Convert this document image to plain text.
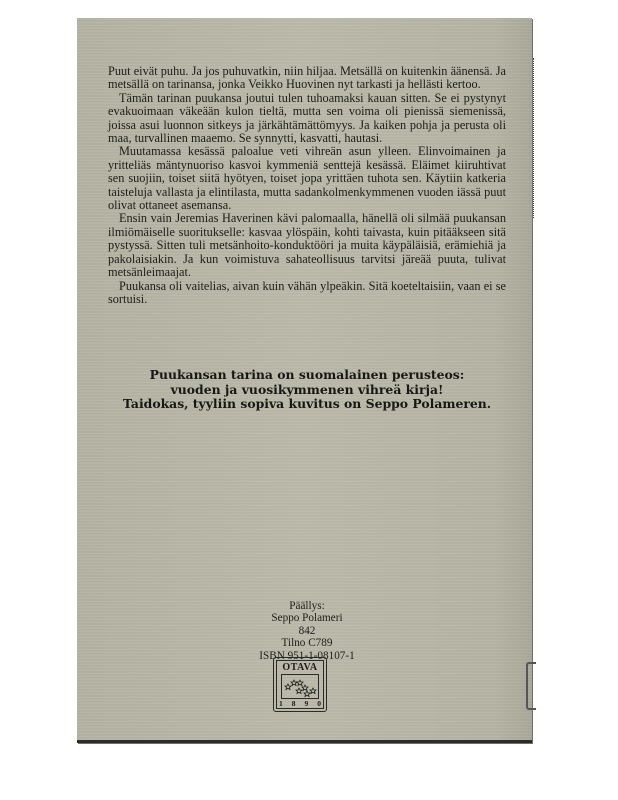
Puut eivät puhu. Ja jos puhuvatkin, niin hiljaa. Metsällä on kuitenkin äänensä. Ja metsällä on tarinansa, jonka Veikko Huovinen nyt tarkasti ja hellästi kertoo.

Tämän tarinan puukansa joutui tulen tuhoamaksi kauan sitten. Se ei pystynyt evakuoimaan väkeään kulon tieltä, mutta sen voima oli pienissä siemenissä, joissa asui luonnon sitkeys ja järkähtämättömyys. Ja kaiken pohja ja perusta oli maa, turvallinen maaemo. Se synnytti, kasvatti, hautasi.

Muutamassa kesässä paloalue veti vihreän asun ylleen. Elinvoimainen ja yritteliäs mäntynuoriso kasvoi kymmeniä senttejä kesässä. Eläimet kiiruhtivat sen suojiin, toiset siitä hyötyen, toiset jopa yrittäen tuhota sen. Käytiin katkeria taisteluja vallasta ja elintilasta, mutta sadankolmenkymmenen vuoden iässä puut olivat ottaneet asemansa.

Ensin vain Jeremias Haverinen kävi palomaalla, hänellä oli silmää puukansan ilmiömäiselle suoritukselle: kasvaa ylöspäin, kohti taivasta, kuin pitääkseen sitä pystyssä. Sitten tuli metsänhoito-konduktööri ja muita käypäläisiä, erämiehiä ja pakolaisiakin. Ja kun voimistuva sahateollisuus tarvitsi järeää puuta, tulivat metsänleimaajat.

Puukansa oli vaitelias, aivan kuin vähän ylpeäkin. Sitä koeteltaisiin, vaan ei se sortuisi.

Puukansan tarina on suomalainen perusteos:
vuoden ja vuosikymmenen vihreä kirja!
Taidokas, tyyliin sopiva kuvitus on Seppo Polameren.
Päällys:
Seppo Polameri
842
Tilno C789
ISBN 951-1-08107-1
OTAVA
1 8 9 0
